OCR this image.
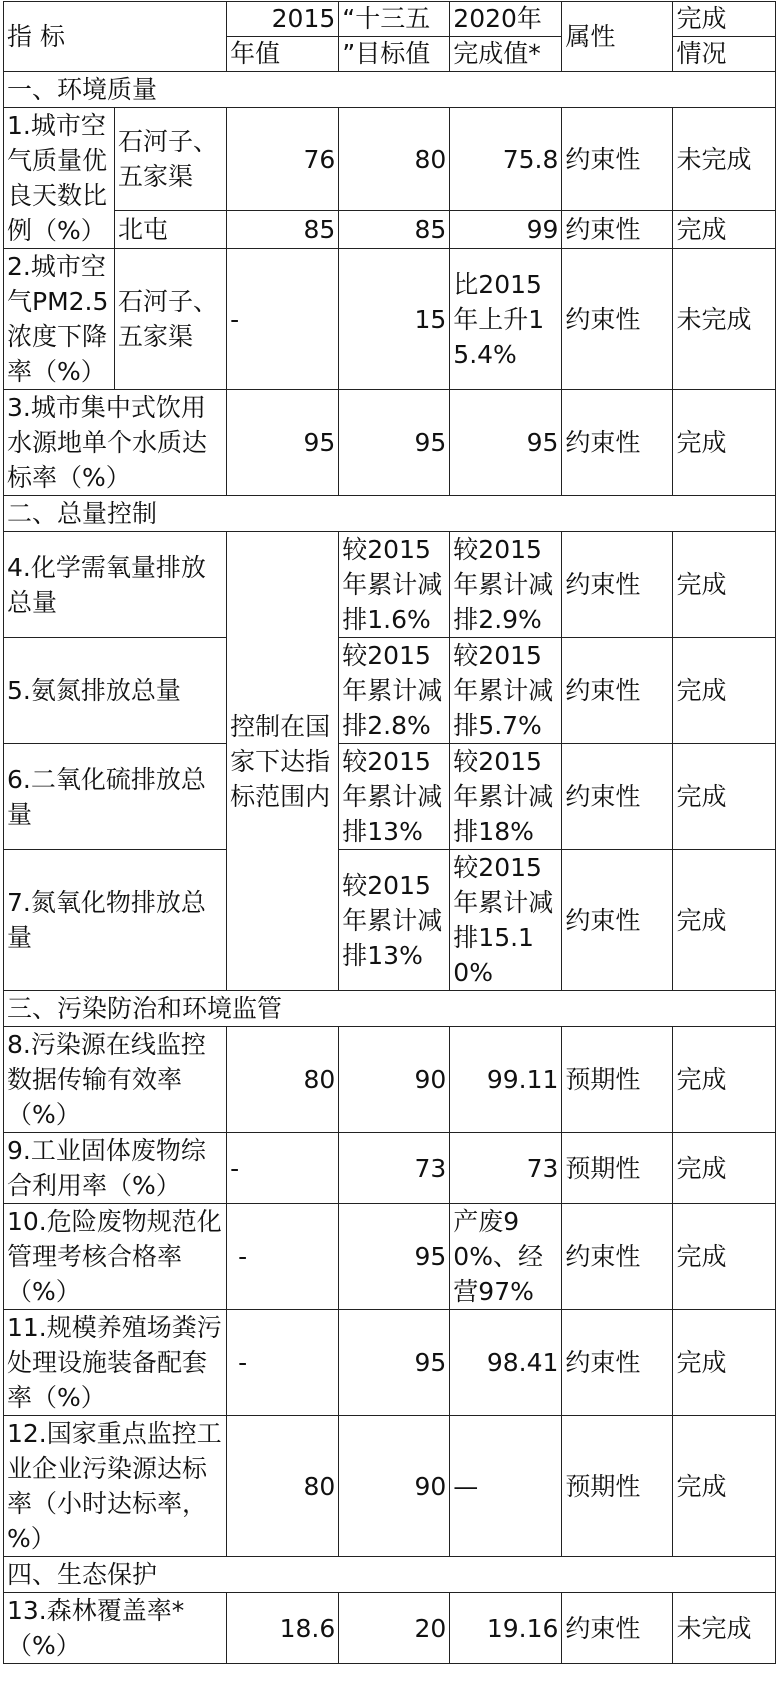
指 标		2015	“十三五	2020年	属性	完成
		年值	”目标值	完成值*		情况
一、环境质量						
1.城市空气质量优良天数比例（%）	石河子、五家渠	76	80	75.8	约束性	未完成
	北屯	85	85	99	约束性	完成
2.城市空气PM2.5浓度下降率（%）	石河子、五家渠	-	15	比2015年上升15.4%	约束性	未完成
3.城市集中式饮用水源地单个水质达标率（%）		95	95	95	约束性	完成
二、总量控制						
4.化学需氧量排放总量		控制在国家下达指标范围内	较2015年累计减排1.6%	较2015年累计减排2.9%	约束性	完成
5.氨氮排放总量			较2015年累计减排2.8%	较2015年累计减排5.7%	约束性	完成
6.二氧化硫排放总量			较2015年累计减排13%	较2015年累计减排18%	约束性	完成
7.氮氧化物排放总量			较2015年累计减排13%	较2015年累计减排15.10%	约束性	完成
三、污染防治和环境监管						
8.污染源在线监控数据传输有效率（%）		80	90	99.11	预期性	完成
9.工业固体废物综合利用率（%）		-	73	73	预期性	完成
10.危险废物规范化管理考核合格率（%）		-	95	产废90%、经营97%	约束性	完成
11.规模养殖场粪污处理设施装备配套率（%）		-	95	98.41	约束性	完成
12.国家重点监控工业企业污染源达标率（小时达标率，%）		80	90	—	预期性	完成
四、生态保护						
13.森林覆盖率*（%）		18.6	20	19.16	约束性	未完成
